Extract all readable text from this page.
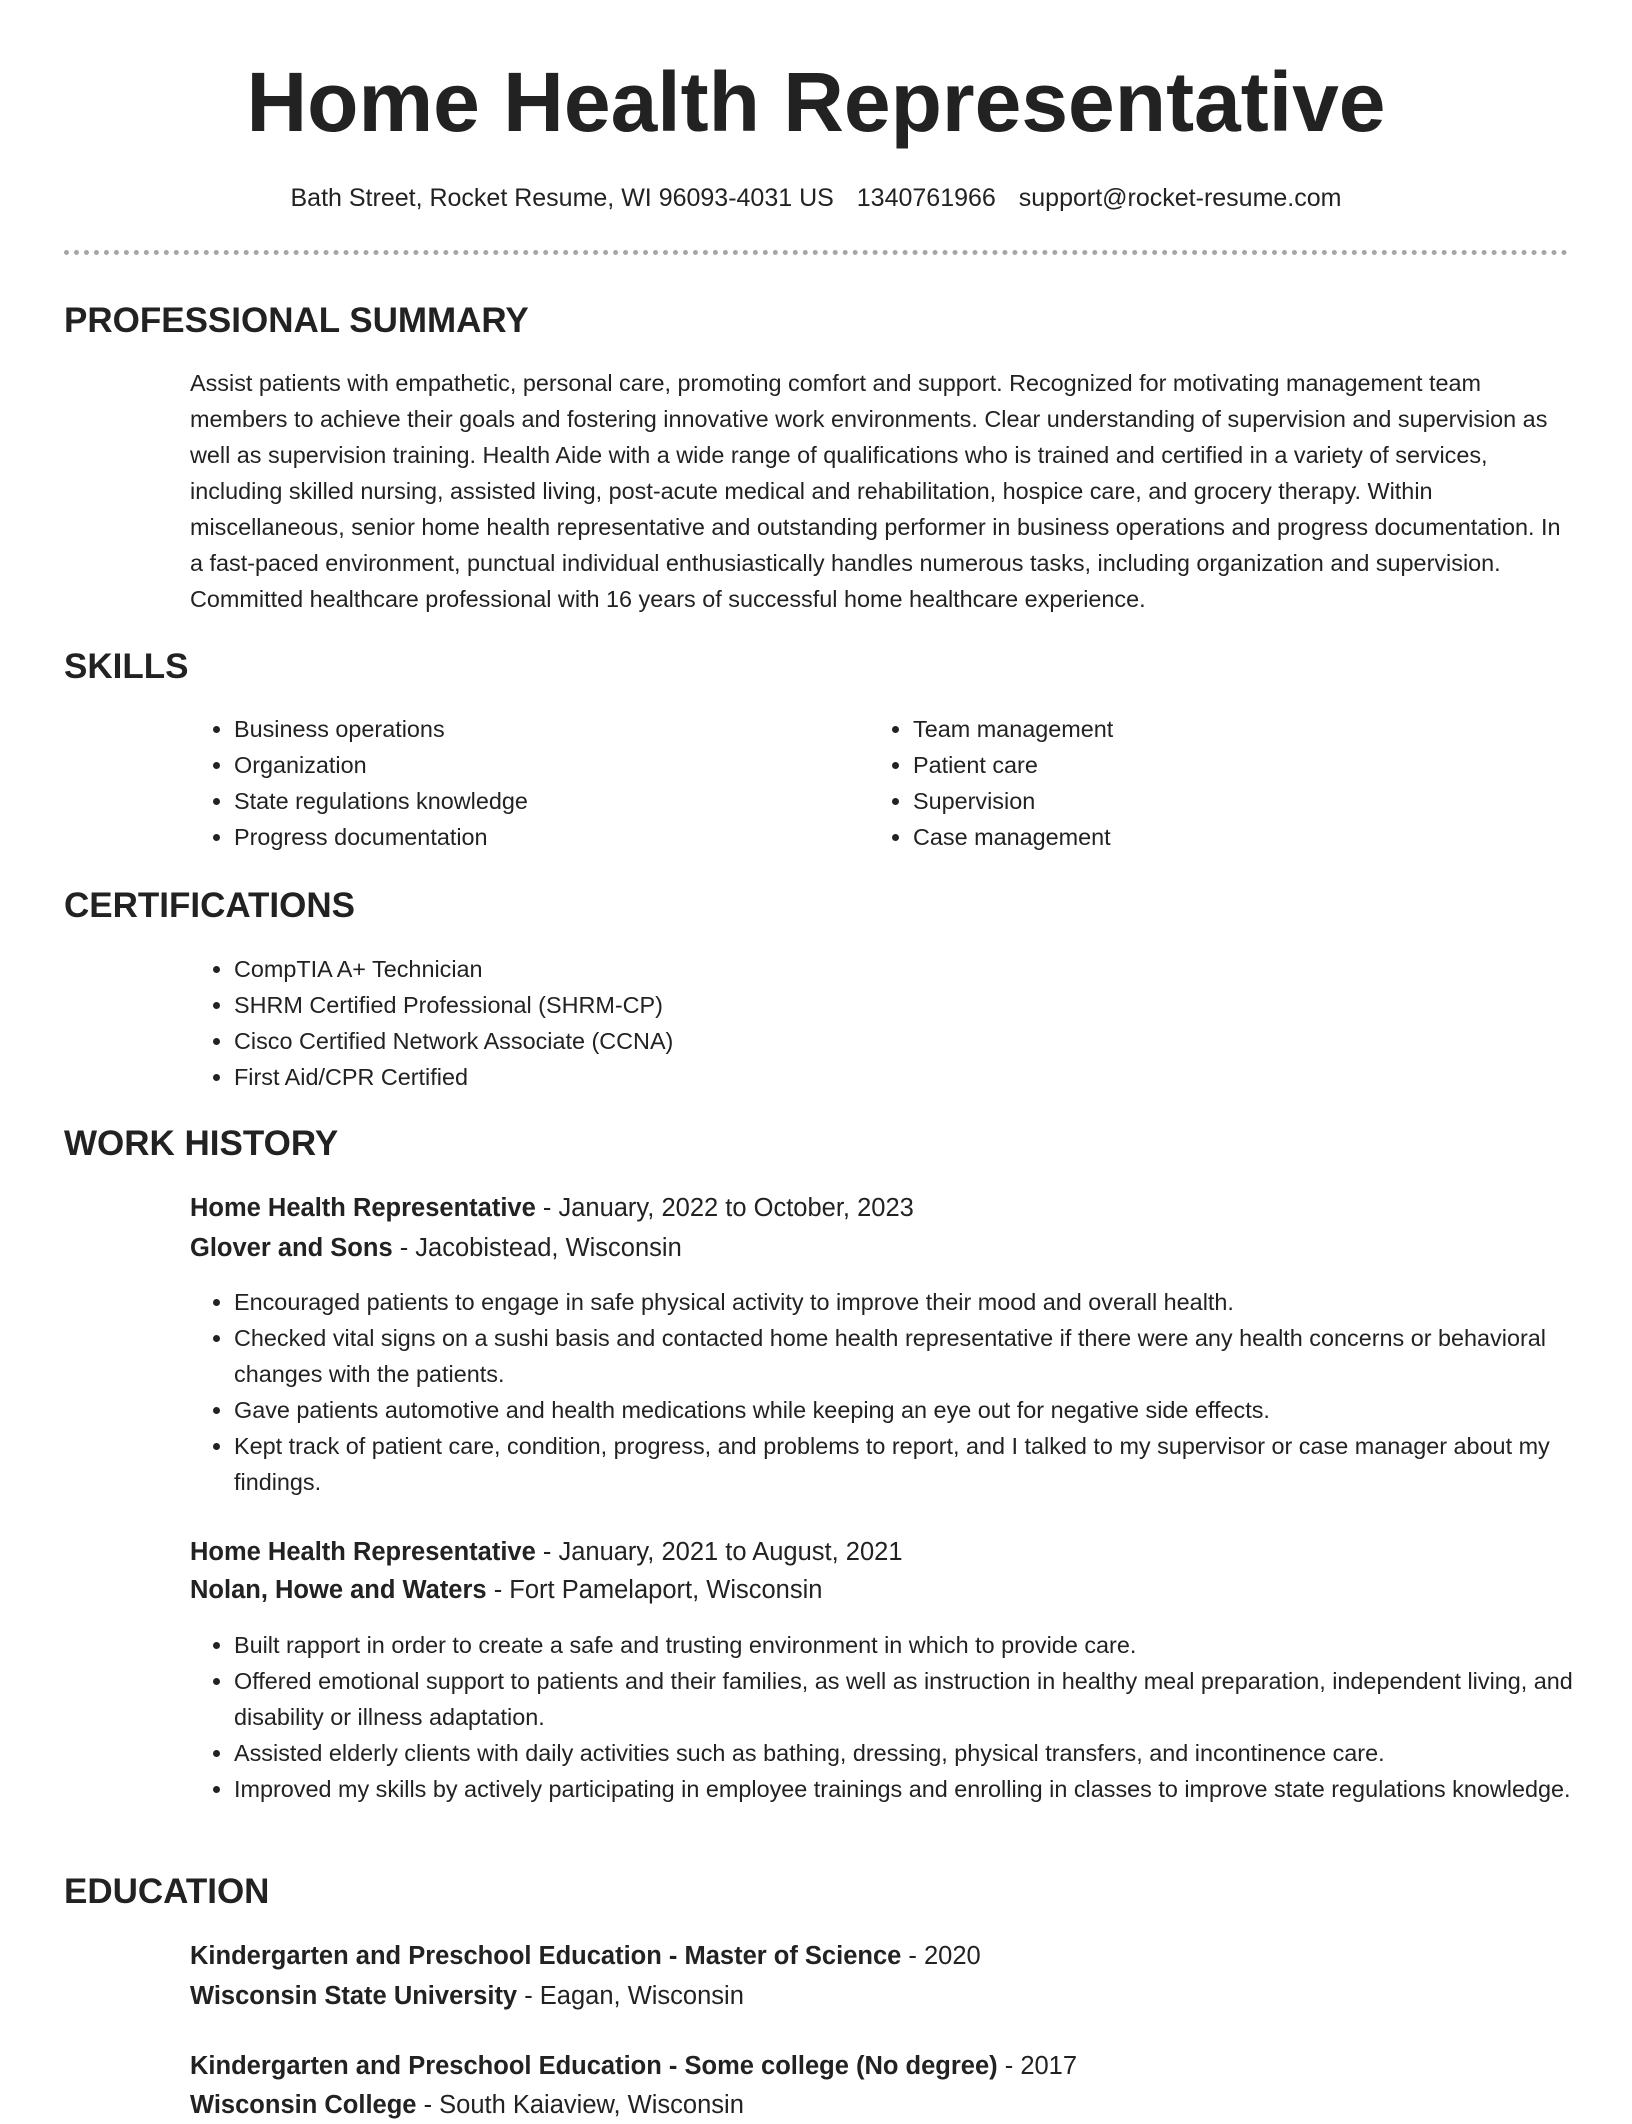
Home Health Representative
Bath Street, Rocket Resume, WI 96093-4031 US 1340761966 support@rocket-resume.com
PROFESSIONAL SUMMARY

Assist patients with empathetic, personal care, promoting comfort and support. Recognized for motivating management team members to achieve their goals and fostering innovative work environments. Clear understanding of supervision and supervision as well as supervision training. Health Aide with a wide range of qualifications who is trained and certified in a variety of services, including skilled nursing, assisted living, post-acute medical and rehabilitation, hospice care, and grocery therapy. Within miscellaneous, senior home health representative and outstanding performer in business operations and progress documentation. In a fast-paced environment, punctual individual enthusiastically handles numerous tasks, including organization and supervision. Committed healthcare professional with 16 years of successful home healthcare experience.

SKILLS
• Business operations
• Organization
• State regulations knowledge
• Progress documentation
• Team management
• Patient care
• Supervision
• Case management
CERTIFICATIONS
• CompTIA A+ Technician
• SHRM Certified Professional (SHRM-CP)
• Cisco Certified Network Associate (CCNA)
• First Aid/CPR Certified
WORK HISTORY
Home Health Representative - January, 2022 to October, 2023
Glover and Sons - Jacobistead, Wisconsin
• Encouraged patients to engage in safe physical activity to improve their mood and overall health.
• Checked vital signs on a sushi basis and contacted home health representative if there were any health concerns or behavioral changes with the patients.
• Gave patients automotive and health medications while keeping an eye out for negative side effects.
• Kept track of patient care, condition, progress, and problems to report, and I talked to my supervisor or case manager about my findings.
Home Health Representative - January, 2021 to August, 2021
Nolan, Howe and Waters - Fort Pamelaport, Wisconsin
• Built rapport in order to create a safe and trusting environment in which to provide care.
• Offered emotional support to patients and their families, as well as instruction in healthy meal preparation, independent living, and disability or illness adaptation.
• Assisted elderly clients with daily activities such as bathing, dressing, physical transfers, and incontinence care.
• Improved my skills by actively participating in employee trainings and enrolling in classes to improve state regulations knowledge.
EDUCATION
Kindergarten and Preschool Education - Master of Science - 2020
Wisconsin State University - Eagan, Wisconsin
Kindergarten and Preschool Education - Some college (No degree) - 2017
Wisconsin College - South Kaiaview, Wisconsin
